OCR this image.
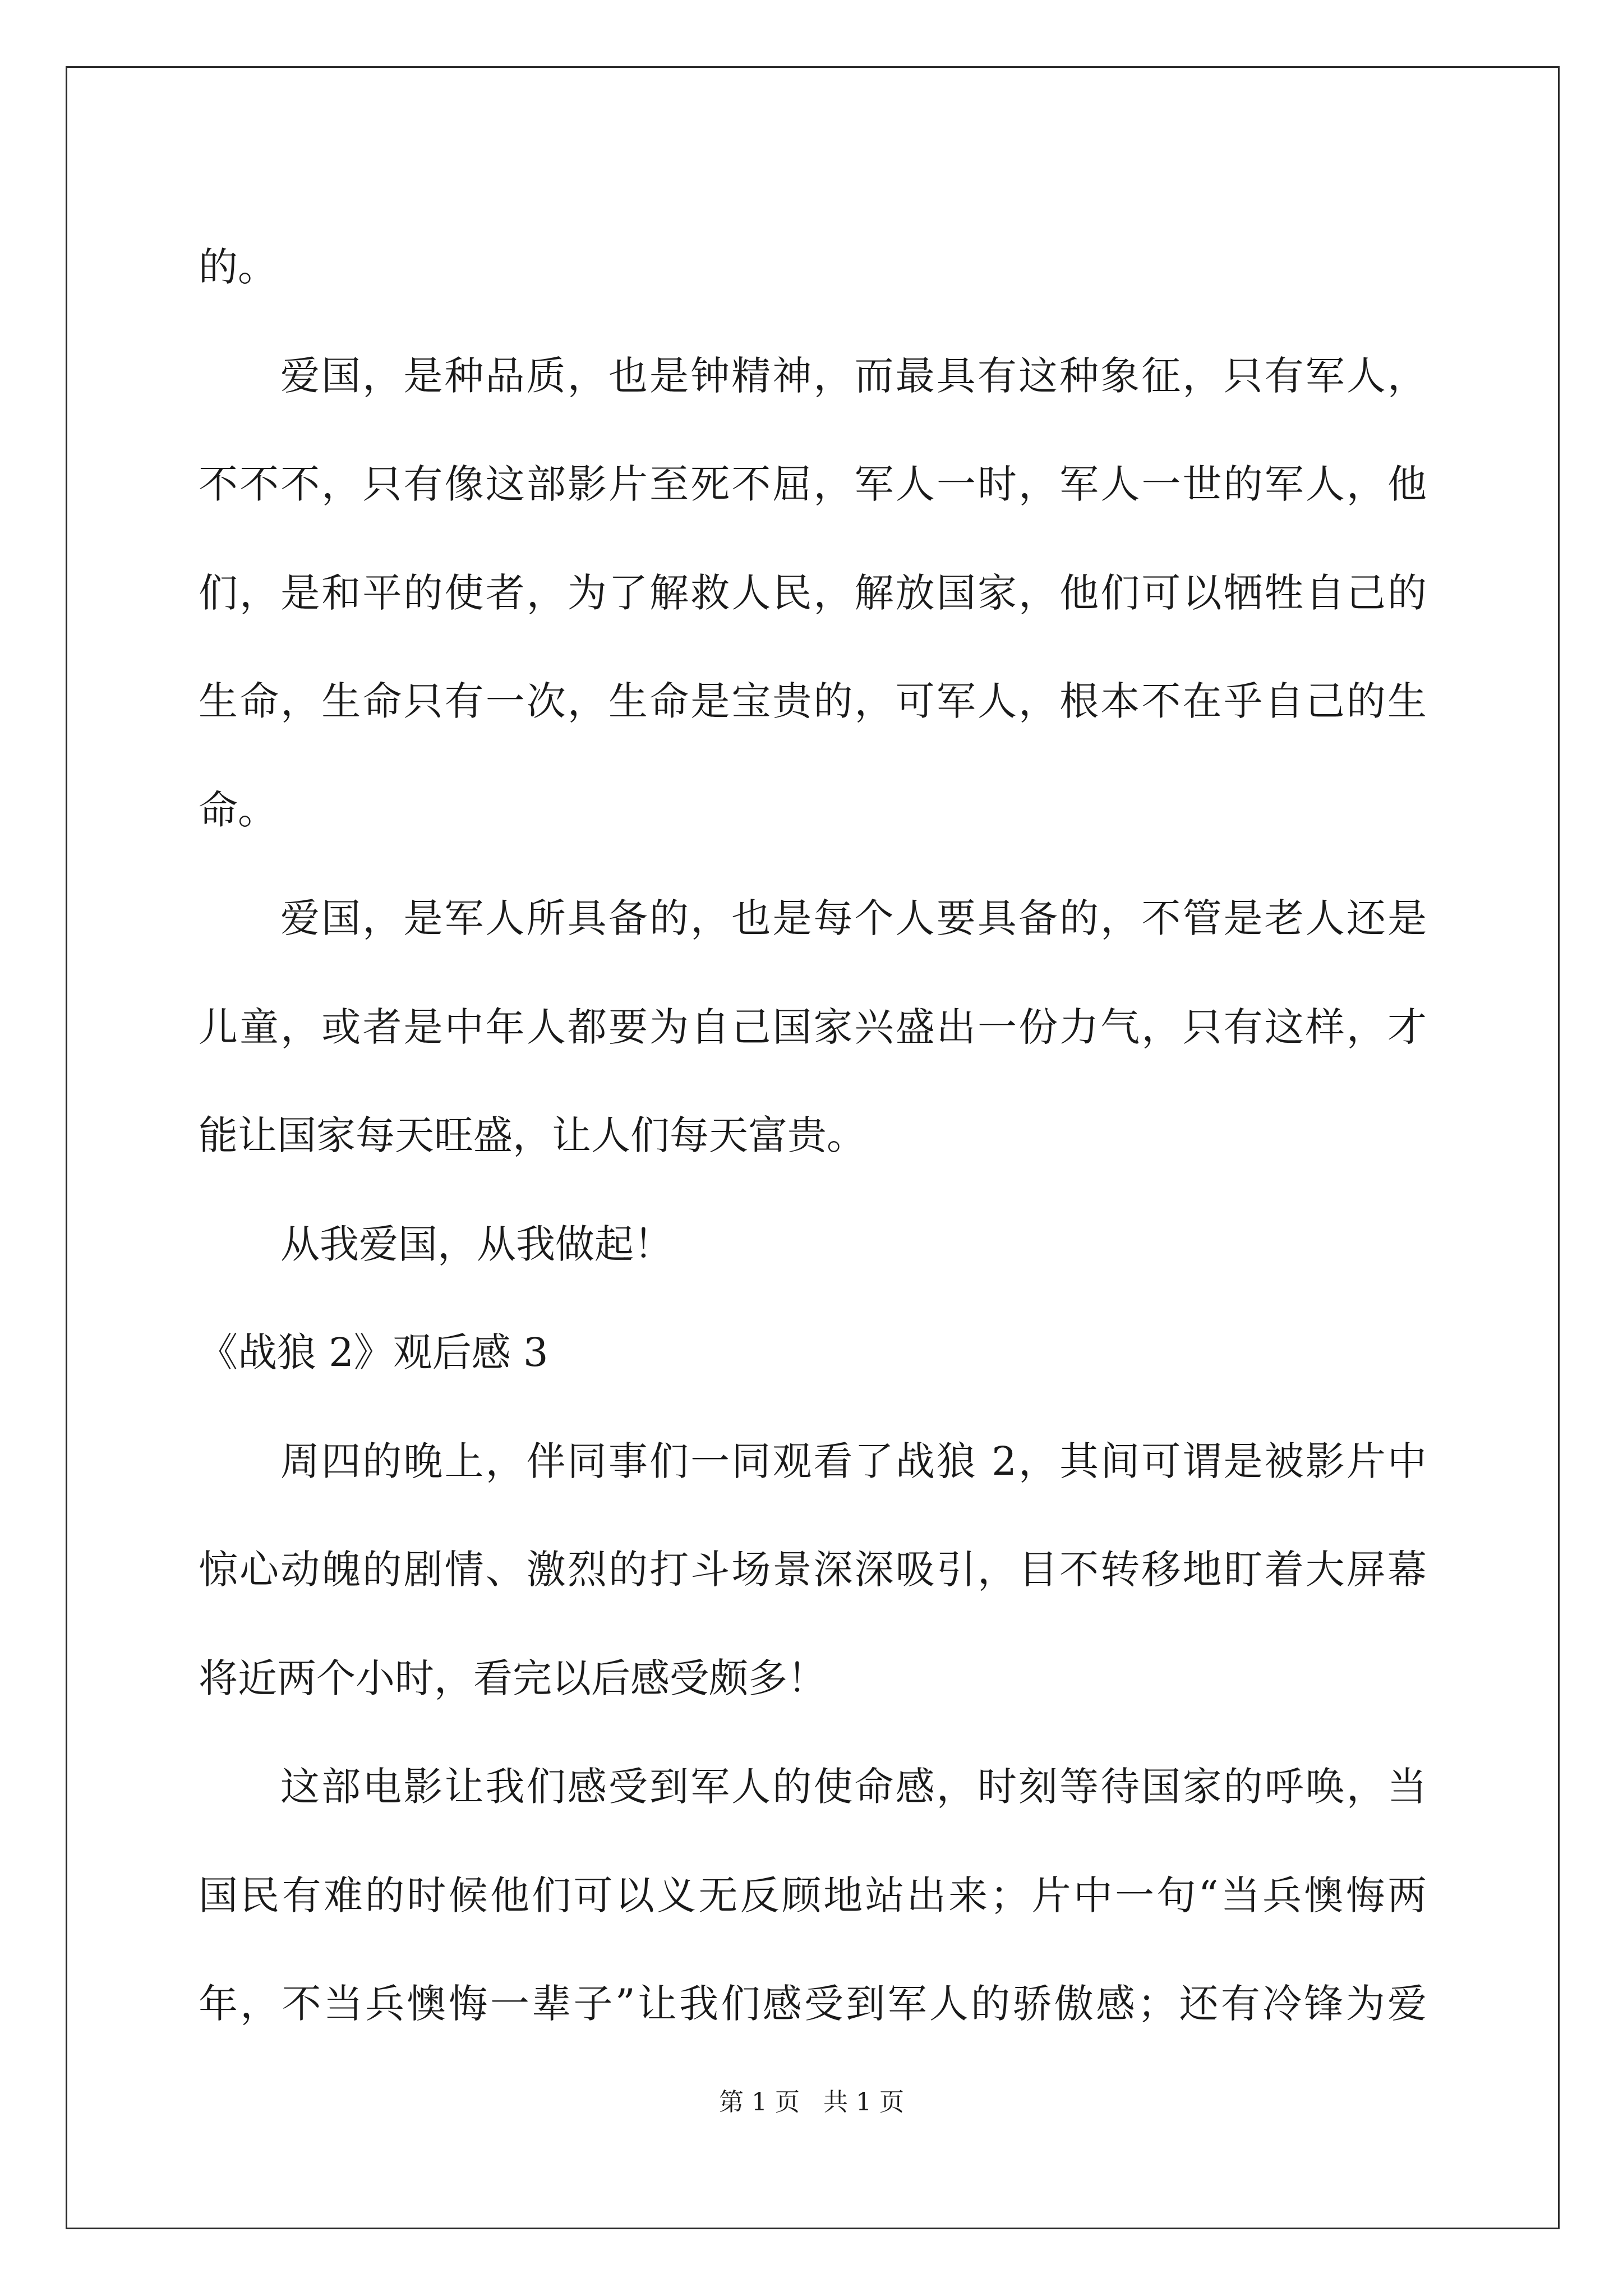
的。
爱国，是种品质，也是钟精神，而最具有这种象征，只有军人，
不不不，只有像这部影片至死不屈，军人一时，军人一世的军人，他
们，是和平的使者，为了解救人民，解放国家，他们可以牺牲自己的
生命，生命只有一次，生命是宝贵的，可军人，根本不在乎自己的生
命。
爱国，是军人所具备的，也是每个人要具备的，不管是老人还是
儿童，或者是中年人都要为自己国家兴盛出一份力气，只有这样，才
能让国家每天旺盛，让人们每天富贵。
从我爱国，从我做起！
《战狼 2》观后感 3
周四的晚上，伴同事们一同观看了战狼 2，其间可谓是被影片中
惊心动魄的剧情、激烈的打斗场景深深吸引，目不转移地盯着大屏幕
将近两个小时，看完以后感受颇多！
这部电影让我们感受到军人的使命感，时刻等待国家的呼唤，当
国民有难的时候他们可以义无反顾地站出来；片中一句“当兵懊悔两
年，不当兵懊悔一辈子”让我们感受到军人的骄傲感；还有冷锋为爱
第 1 页   共 1 页
